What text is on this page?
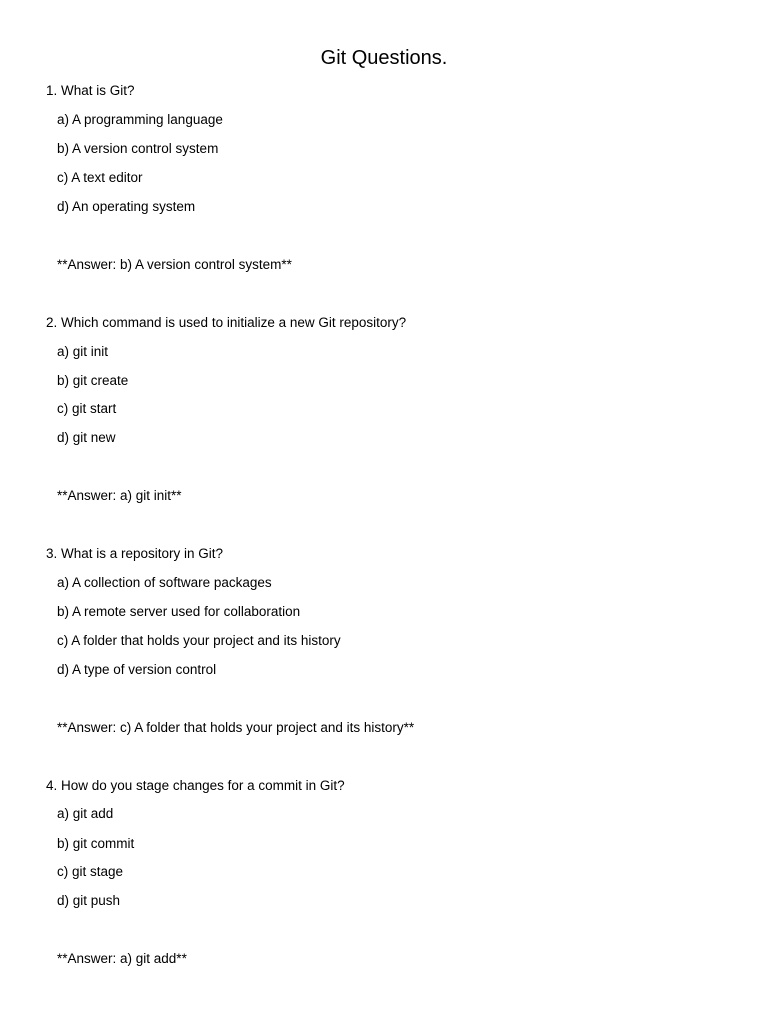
Git Questions.

1. What is Git?

a) A programming language

b) A version control system

c) A text editor

d) An operating system

**Answer: b) A version control system**

2. Which command is used to initialize a new Git repository?

a) git init

b) git create

c) git start

d) git new

**Answer: a) git init**

3. What is a repository in Git?

a) A collection of software packages

b) A remote server used for collaboration

c) A folder that holds your project and its history

d) A type of version control

**Answer: c) A folder that holds your project and its history**

4. How do you stage changes for a commit in Git?

a) git add

b) git commit

c) git stage

d) git push

**Answer: a) git add**
